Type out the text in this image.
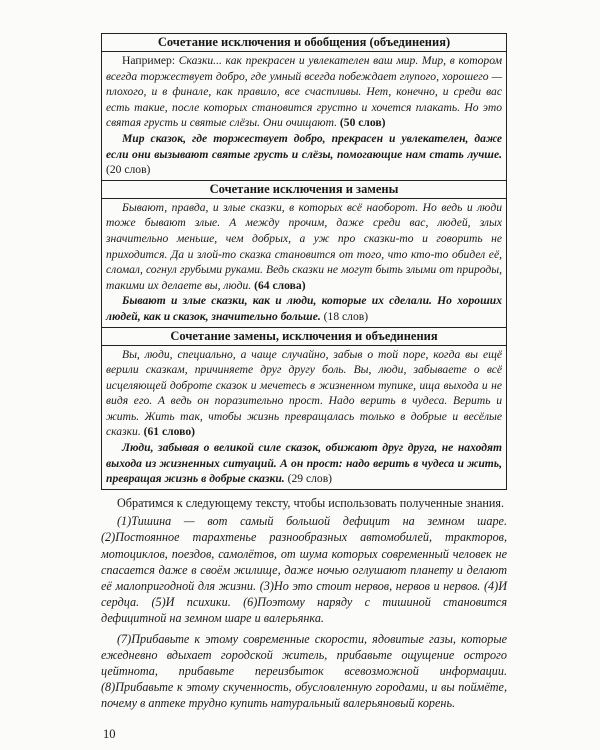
Сочетание исключения и обобщения (объединения)

Например: Сказки... как прекрасен и увлекателен ваш мир. Мир, в котором всегда торжествует добро, где умный всегда побеждает глупого, хорошего — плохого, и в финале, как правило, все счастливы. Нет, конечно, и среди вас есть такие, после которых становится грустно и хочется плакать. Но это святая грусть и святые слёзы. Они очищают. (50 слов)

Мир сказок, где торжествует добро, прекрасен и увлекателен, даже если они вызывают святые грусть и слёзы, помогающие нам стать лучше. (20 слов)

Сочетание исключения и замены

Бывают, правда, и злые сказки, в которых всё наоборот. Но ведь и люди тоже бывают злые. А между прочим, даже среди вас, людей, злых значительно меньше, чем добрых, а уж про сказки-то и говорить не приходится. Да и злой-то сказка становится от того, что кто-то обидел её, сломал, согнул грубыми руками. Ведь сказки не могут быть злыми от природы, такими их делаете вы, люди. (64 слова)

Бывают и злые сказки, как и люди, которые их сделали. Но хороших людей, как и сказок, значительно больше. (18 слов)

Сочетание замены, исключения и объединения

Вы, люди, специально, а чаще случайно, забыв о той поре, когда вы ещё верили сказкам, причиняете друг другу боль. Вы, люди, забываете о всё исцеляющей доброте сказок и мечетесь в жизненном тупике, ища выхода и не видя его. А ведь он поразительно прост. Надо верить в чудеса. Верить и жить. Жить так, чтобы жизнь превращалась только в добрые и весёлые сказки. (61 слово)

Люди, забывая о великой силе сказок, обижают друг друга, не находят выхода из жизненных ситуаций. А он прост: надо верить в чудеса и жить, превращая жизнь в добрые сказки. (29 слов)

Обратимся к следующему тексту, чтобы использовать полученные знания.

(1)Тишина — вот самый большой дефицит на земном шаре. (2)Постоянное тарахтенье разнообразных автомобилей, тракторов, мотоциклов, поездов, самолётов, от шума которых современный человек не спасается даже в своём жилище, даже ночью оглушают планету и делают её малопригодной для жизни. (3)Но это стоит нервов, нервов и нервов. (4)И сердца. (5)И психики. (6)Поэтому наряду с тишиной становится дефицитной на земном шаре и валерьянка.

(7)Прибавьте к этому современные скорости, ядовитые газы, которые ежедневно вдыхает городской житель, прибавьте ощущение острого цейтнота, прибавьте переизбыток всевозможной информации. (8)Прибавьте к этому скученность, обусловленную городами, и вы поймёте, почему в аптеке трудно купить натуральный валерьяновый корень.

10
